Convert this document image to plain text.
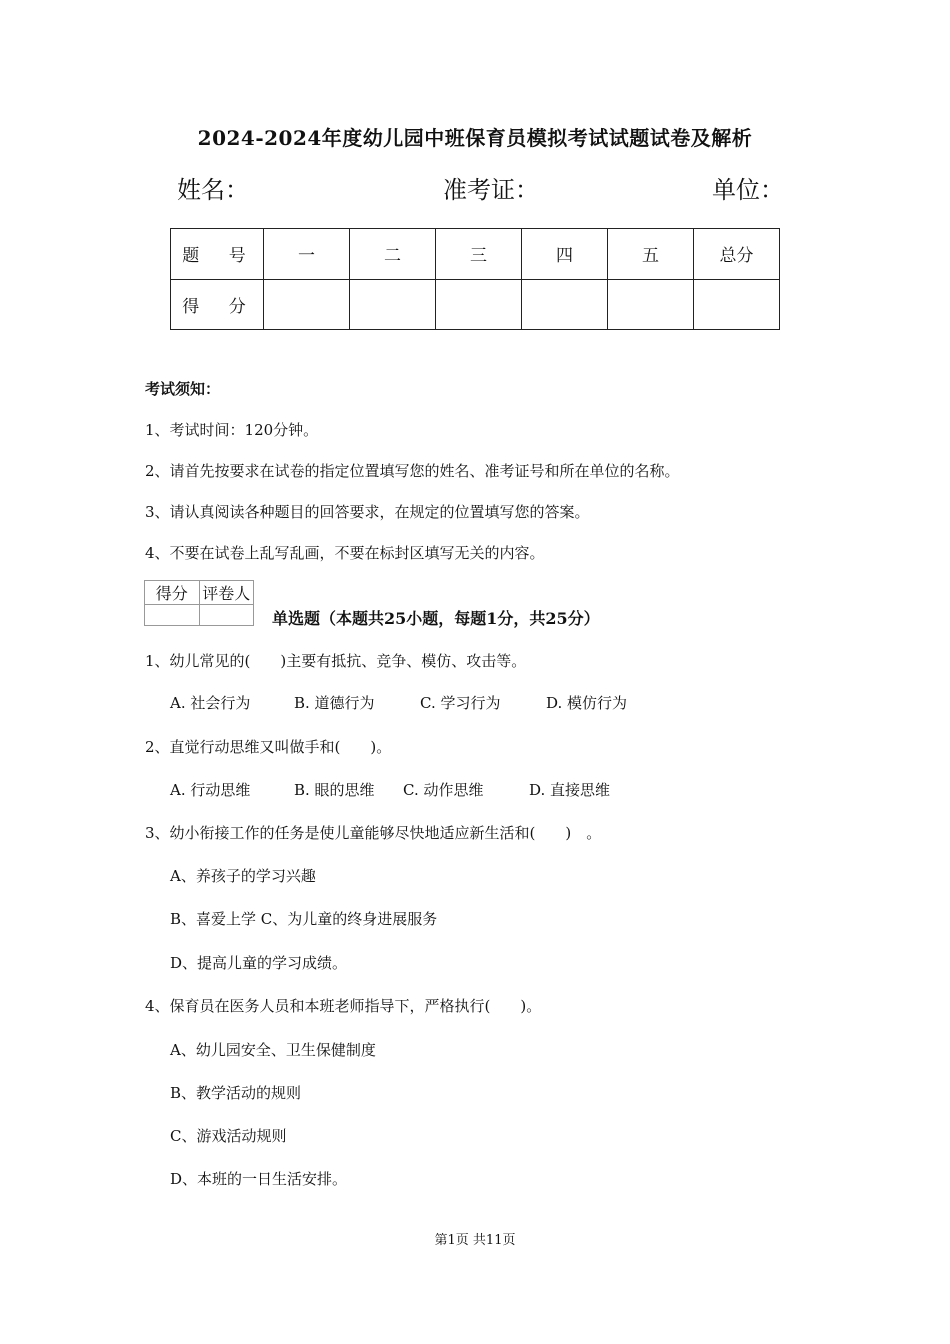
2024-2024年度幼儿园中班保育员模拟考试试题试卷及解析
姓名：	准考证：	单位：
题 号	一	二	三	四	五	总分
得 分						
考试须知：
1、考试时间：120分钟。
2、请首先按要求在试卷的指定位置填写您的姓名、准考证号和所在单位的名称。
3、请认真阅读各种题目的回答要求，在规定的位置填写您的答案。
4、不要在试卷上乱写乱画，不要在标封区填写无关的内容。
得分	评卷人

单选题（本题共25小题，每题1分，共25分）
1、幼儿常见的(　　)主要有抵抗、竞争、模仿、攻击等。
A. 社会行为	B. 道德行为	C. 学习行为	D. 模仿行为
2、直觉行动思维又叫做手和(　　)。
A. 行动思维	B. 眼的思维 C. 动作思维	D. 直接思维
3、幼小衔接工作的任务是使儿童能够尽快地适应新生活和(　　)　。
A、养孩子的学习兴趣
B、喜爱上学 C、为儿童的终身进展服务
D、提高儿童的学习成绩。
4、保育员在医务人员和本班老师指导下，严格执行(　　)。
A、幼儿园安全、卫生保健制度
B、教学活动的规则
C、游戏活动规则
D、本班的一日生活安排。
第1页 共11页
